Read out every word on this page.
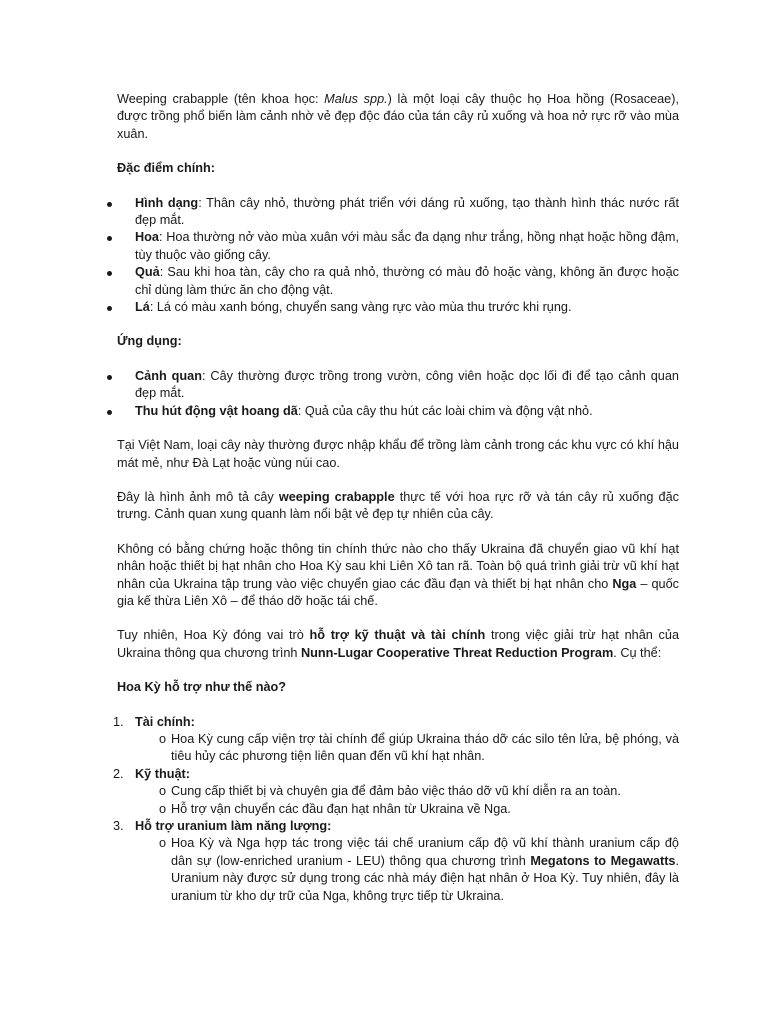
Weeping crabapple (tên khoa học: Malus spp.) là một loại cây thuộc họ Hoa hồng (Rosaceae), được trồng phổ biến làm cảnh nhờ vẻ đẹp độc đáo của tán cây rủ xuống và hoa nở rực rỡ vào mùa xuân.

Đặc điểm chính:

Hình dạng: Thân cây nhỏ, thường phát triển với dáng rủ xuống, tạo thành hình thác nước rất đẹp mắt.
Hoa: Hoa thường nở vào mùa xuân với màu sắc đa dạng như trắng, hồng nhạt hoặc hồng đậm, tùy thuộc vào giống cây.
Quả: Sau khi hoa tàn, cây cho ra quả nhỏ, thường có màu đỏ hoặc vàng, không ăn được hoặc chỉ dùng làm thức ăn cho động vật.
Lá: Lá có màu xanh bóng, chuyển sang vàng rực vào mùa thu trước khi rụng.

Ứng dụng:

Cảnh quan: Cây thường được trồng trong vườn, công viên hoặc dọc lối đi để tạo cảnh quan đẹp mắt.
Thu hút động vật hoang dã: Quả của cây thu hút các loài chim và động vật nhỏ.

Tại Việt Nam, loại cây này thường được nhập khẩu để trồng làm cảnh trong các khu vực có khí hậu mát mẻ, như Đà Lạt hoặc vùng núi cao.

Đây là hình ảnh mô tả cây weeping crabapple thực tế với hoa rực rỡ và tán cây rủ xuống đặc trưng. Cảnh quan xung quanh làm nổi bật vẻ đẹp tự nhiên của cây.

Không có bằng chứng hoặc thông tin chính thức nào cho thấy Ukraina đã chuyển giao vũ khí hạt nhân hoặc thiết bị hạt nhân cho Hoa Kỳ sau khi Liên Xô tan rã. Toàn bộ quá trình giải trừ vũ khí hạt nhân của Ukraina tập trung vào việc chuyển giao các đầu đạn và thiết bị hạt nhân cho Nga – quốc gia kế thừa Liên Xô – để tháo dỡ hoặc tái chế.

Tuy nhiên, Hoa Kỳ đóng vai trò hỗ trợ kỹ thuật và tài chính trong việc giải trừ hạt nhân của Ukraina thông qua chương trình Nunn-Lugar Cooperative Threat Reduction Program. Cụ thể:

Hoa Kỳ hỗ trợ như thế nào?

1. Tài chính:
o Hoa Kỳ cung cấp viện trợ tài chính để giúp Ukraina tháo dỡ các silo tên lửa, bệ phóng, và tiêu hủy các phương tiện liên quan đến vũ khí hạt nhân.
2. Kỹ thuật:
o Cung cấp thiết bị và chuyên gia để đảm bảo việc tháo dỡ vũ khí diễn ra an toàn.
o Hỗ trợ vận chuyển các đầu đạn hạt nhân từ Ukraina về Nga.
3. Hỗ trợ uranium làm năng lượng:
o Hoa Kỳ và Nga hợp tác trong việc tái chế uranium cấp độ vũ khí thành uranium cấp độ dân sự (low-enriched uranium - LEU) thông qua chương trình Megatons to Megawatts. Uranium này được sử dụng trong các nhà máy điện hạt nhân ở Hoa Kỳ. Tuy nhiên, đây là uranium từ kho dự trữ của Nga, không trực tiếp từ Ukraina.
